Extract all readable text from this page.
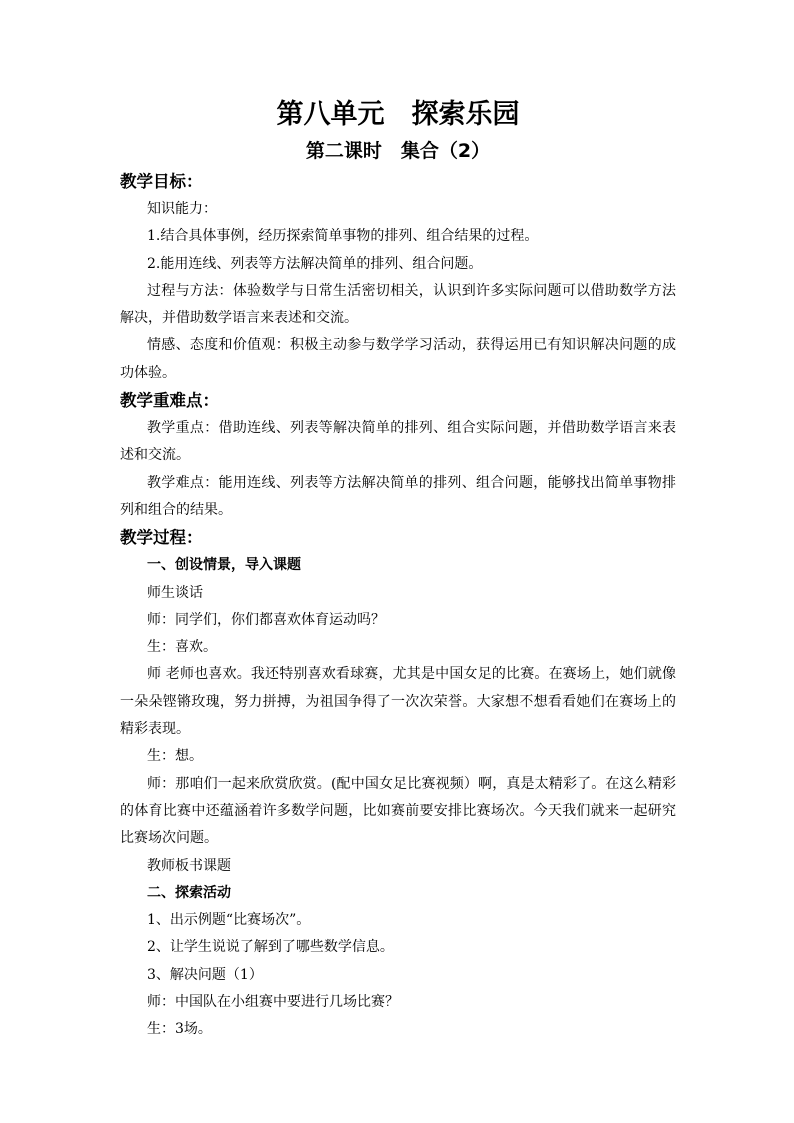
第八单元　探索乐园
第二课时　集合（2）
教学目标：

知识能力：

1.结合具体事例，经历探索简单事物的排列、组合结果的过程。

2.能用连线、列表等方法解决简单的排列、组合问题。

过程与方法：体验数学与日常生活密切相关，认识到许多实际问题可以借助数学方法解决，并借助数学语言来表述和交流。

情感、态度和价值观：积极主动参与数学学习活动，获得运用已有知识解决问题的成功体验。

教学重难点：

教学重点：借助连线、列表等解决简单的排列、组合实际问题，并借助数学语言来表述和交流。

教学难点：能用连线、列表等方法解决简单的排列、组合问题，能够找出简单事物排列和组合的结果。

教学过程：

一、创设情景，导入课题

师生谈话

师：同学们，你们都喜欢体育运动吗？

生：喜欢。

师 老师也喜欢。我还特别喜欢看球赛，尤其是中国女足的比赛。在赛场上，她们就像一朵朵铿锵玫瑰，努力拼搏，为祖国争得了一次次荣誉。大家想不想看看她们在赛场上的精彩表现。

生：想。

师：那咱们一起来欣赏欣赏。(配中国女足比赛视频）啊，真是太精彩了。在这么精彩的体育比赛中还蕴涵着许多数学问题，比如赛前要安排比赛场次。今天我们就来一起研究比赛场次问题。

教师板书课题

二、探索活动

1、出示例题“比赛场次”。

2、让学生说说了解到了哪些数学信息。

3、解决问题（1）

师：中国队在小组赛中要进行几场比赛？

生：3场。
